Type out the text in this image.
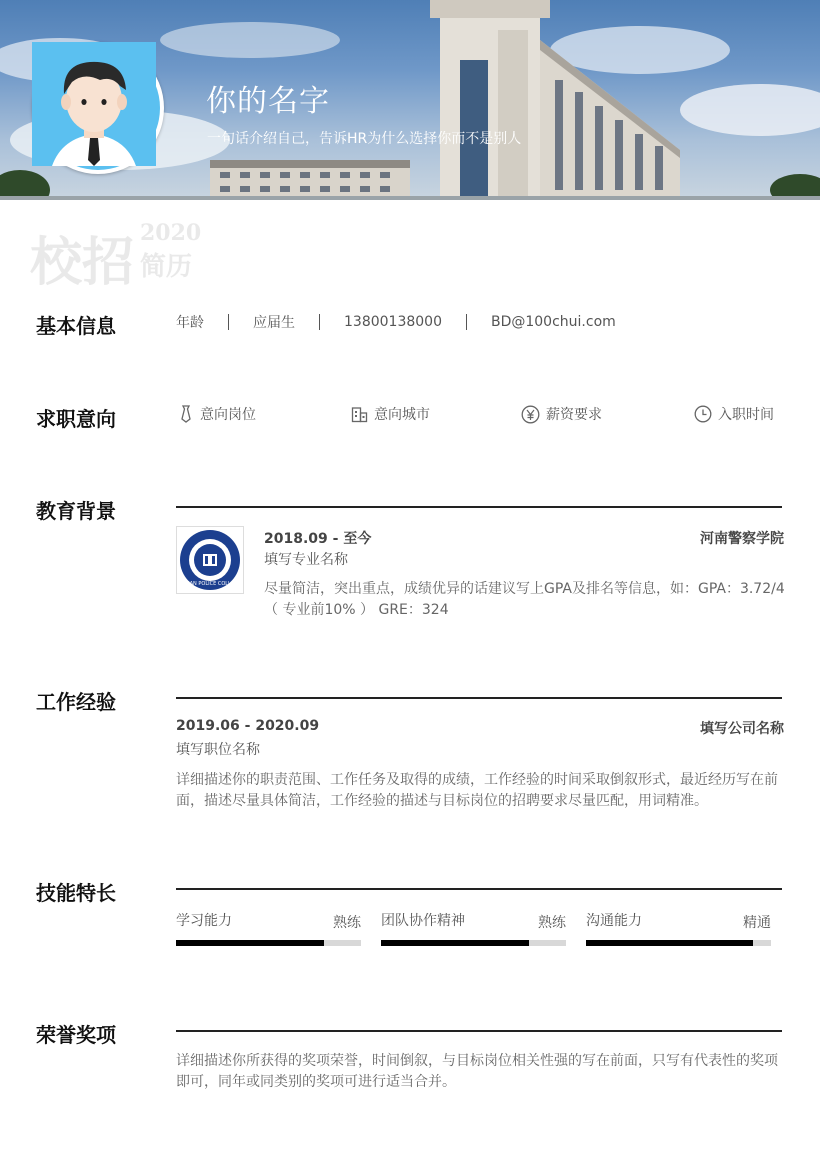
你的名字
一句话介绍自己，告诉HR为什么选择你而不是别人
校招 2020
简历
基本信息	年龄	应届生	13800138000	BD@100chui.com
求职意向	意向岗位	意向城市	薪资要求	入职时间
教育背景
HENAN POLICE COLLEGE
2018.09 - 至今	河南警察学院
填写专业名称
尽量简洁，突出重点，成绩优异的话建议写上GPA及排名等信息，如：GPA：3.72/4（ 专业前10% ） GRE：324
工作经验
2019.06 - 2020.09	填写公司名称
填写职位名称
详细描述你的职责范围、工作任务及取得的成绩，工作经验的时间采取倒叙形式，最近经历写在前面，描述尽量具体简洁，工作经验的描述与目标岗位的招聘要求尽量匹配，用词精准。
技能特长
学习能力	熟练 团队协作精神	熟练 沟通能力	精通
荣誉奖项
详细描述你所获得的奖项荣誉，时间倒叙，与目标岗位相关性强的写在前面，只写有代表性的奖项即可，同年或同类别的奖项可进行适当合并。
